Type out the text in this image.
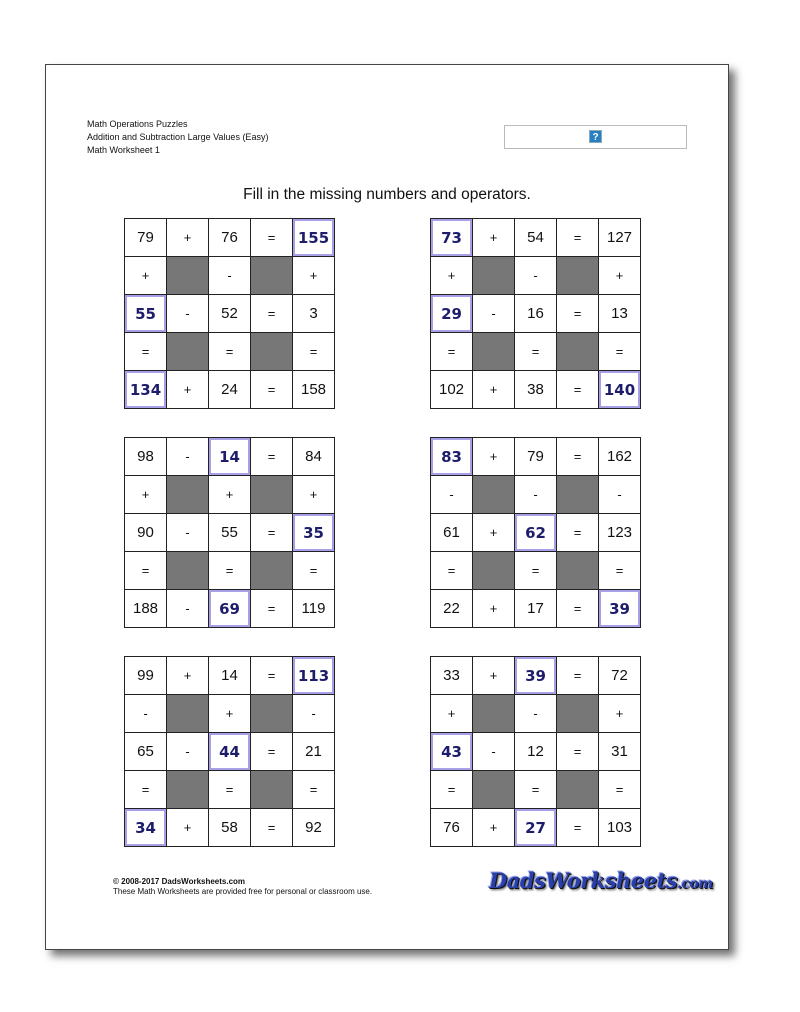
Math Operations Puzzles
Addition and Subtraction Large Values (Easy)
Math Worksheet 1
?
Fill in the missing numbers and operators.
79	+	76	=	155
+		-		+
55	-	52	=	3
=		=		=
134	+	24	=	158
73	+	54	=	127
+		-		+
29	-	16	=	13
=		=		=
102	+	38	=	140
98	-	14	=	84
+		+		+
90	-	55	=	35
=		=		=
188	-	69	=	119
83	+	79	=	162
-		-		-
61	+	62	=	123
=		=		=
22	+	17	=	39
99	+	14	=	113
-		+		-
65	-	44	=	21
=		=		=
34	+	58	=	92
33	+	39	=	72
+		-		+
43	-	12	=	31
=		=		=
76	+	27	=	103
© 2008-2017 DadsWorksheets.com
These Math Worksheets are provided free for personal or classroom use.	DadsWorksheets.com
